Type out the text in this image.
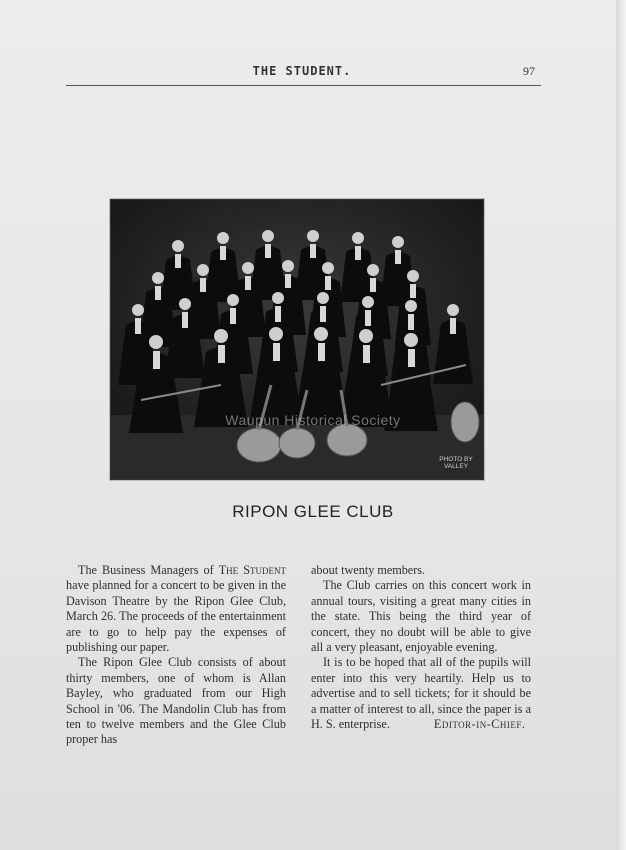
THE STUDENT.	97
Waupun Historical Society
PHOTO BY
VALLEY
RIPON GLEE CLUB

The Business Managers of The Student have planned for a concert to be given in the Davison Theatre by the Ripon Glee Club, March 26. The proceeds of the entertainment are to go to help pay the expenses of publishing our paper.

The Ripon Glee Club consists of about thirty members, one of whom is Allan Bayley, who graduated from our High School in '06. The Mandolin Club has from ten to twelve members and the Glee Club proper has

about twenty members.

The Club carries on this concert work in annual tours, visiting a great many cities in the state. This being the third year of concert, they no doubt will be able to give all a very pleasant, enjoyable evening.

It is to be hoped that all of the pupils will enter into this very heartily. Help us to advertise and to sell tickets; for it should be a matter of interest to all, since the paper is a H. S. enterprise.	Editor-in-Chief.
